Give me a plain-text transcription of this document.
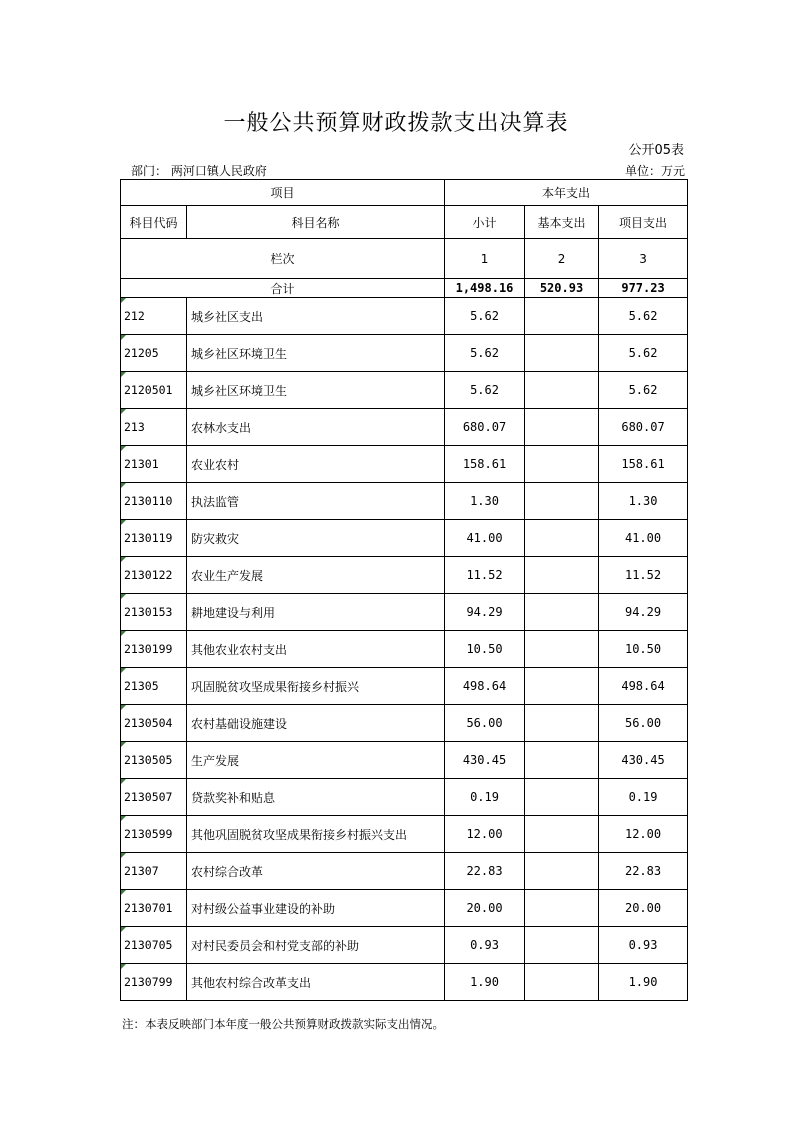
一般公共预算财政拨款支出决算表
公开05表
部门： 两河口镇人民政府	单位：万元
项目		本年支出		
科目代码	科目名称	小计	基本支出	项目支出
栏次		1	2	3
合计		1,498.16	520.93	977.23
212	城乡社区支出	5.62		5.62
21205	城乡社区环境卫生	5.62		5.62
2120501	城乡社区环境卫生	5.62		5.62
213	农林水支出	680.07		680.07
21301	农业农村	158.61		158.61
2130110	执法监管	1.30		1.30
2130119	防灾救灾	41.00		41.00
2130122	农业生产发展	11.52		11.52
2130153	耕地建设与利用	94.29		94.29
2130199	其他农业农村支出	10.50		10.50
21305	巩固脱贫攻坚成果衔接乡村振兴	498.64		498.64
2130504	农村基础设施建设	56.00		56.00
2130505	生产发展	430.45		430.45
2130507	贷款奖补和贴息	0.19		0.19
2130599	其他巩固脱贫攻坚成果衔接乡村振兴支出	12.00		12.00
21307	农村综合改革	22.83		22.83
2130701	对村级公益事业建设的补助	20.00		20.00
2130705	对村民委员会和村党支部的补助	0.93		0.93
2130799	其他农村综合改革支出	1.90		1.90
注：本表反映部门本年度一般公共预算财政拨款实际支出情况。
